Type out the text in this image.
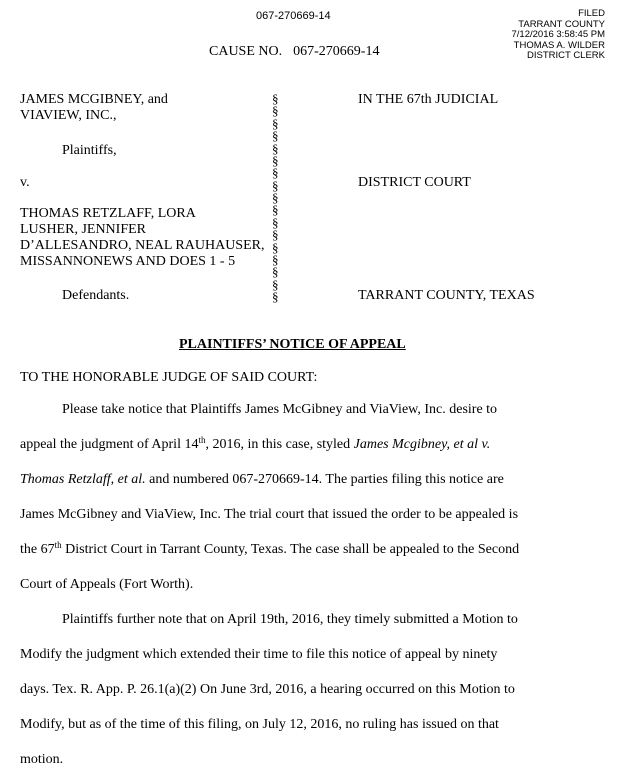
067-270669-14	FILED
TARRANT COUNTY
7/12/2016 3:58:45 PM
THOMAS A. WILDER
DISTRICT CLERK
CAUSE NO. 067-270669-14
JAMES MCGIBNEY, and
VIAVIEW, INC.,
Plaintiffs,
v.
THOMAS RETZLAFF, LORA
LUSHER, JENNIFER
D’ALLESANDRO, NEAL RAUHAUSER,
MISSANNONEWS AND DOES 1 - 5
Defendants.
§
§
§
§
§
§
§
§
§
§
§
§
§
§
§
§
§
IN THE 67th JUDICIAL
DISTRICT COURT
TARRANT COUNTY, TEXAS
PLAINTIFFS’ NOTICE OF APPEAL
TO THE HONORABLE JUDGE OF SAID COURT:
Please take notice that Plaintiffs James McGibney and ViaView, Inc. desire to
appeal the judgment of April 14th, 2016, in this case, styled James Mcgibney, et al v.
Thomas Retzlaff, et al. and numbered 067-270669-14. The parties filing this notice are
James McGibney and ViaView, Inc. The trial court that issued the order to be appealed is
the 67th District Court in Tarrant County, Texas. The case shall be appealed to the Second
Court of Appeals (Fort Worth).
Plaintiffs further note that on April 19th, 2016, they timely submitted a Motion to
Modify the judgment which extended their time to file this notice of appeal by ninety
days. Tex. R. App. P. 26.1(a)(2) On June 3rd, 2016, a hearing occurred on this Motion to
Modify, but as of the time of this filing, on July 12, 2016, no ruling has issued on that
motion.
